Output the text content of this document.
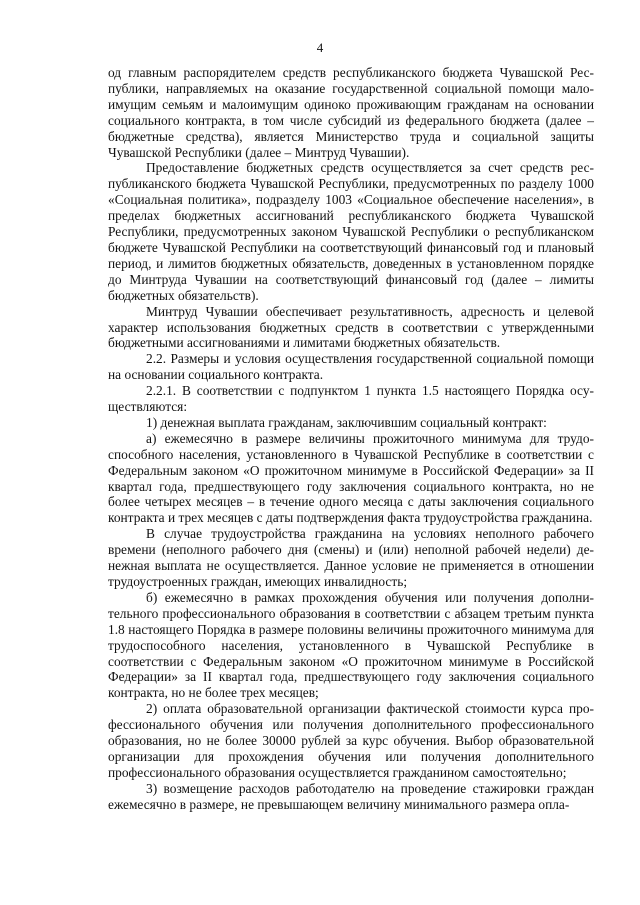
4

од главным распорядителем средств республиканского бюджета Чувашской Республики, направляемых на оказание государственной социальной помощи малоимущим семьям и малоимущим одиноко проживающим гражданам на основании социального контракта, в том числе субсидий из федерального бюджета (далее – бюджетные средства), является Министерство труда и социальной защиты Чувашской Республики (далее – Минтруд Чувашии).

Предоставление бюджетных средств осуществляется за счет средств республиканского бюджета Чувашской Республики, предусмотренных по разделу 1000 «Социальная политика», подразделу 1003 «Социальное обеспечение населения», в пределах бюджетных ассигнований республиканского бюджета Чувашской Республики, предусмотренных законом Чувашской Республики о республиканском бюджете Чувашской Республики на соответствующий финансовый год и плановый период, и лимитов бюджетных обязательств, доведенных в установленном порядке до Минтруда Чувашии на соответствующий финансовый год (далее – лимиты бюджетных обязательств).

Минтруд Чувашии обеспечивает результативность, адресность и целевой характер использования бюджетных средств в соответствии с утвержденными бюджетными ассигнованиями и лимитами бюджетных обязательств.

2.2. Размеры и условия осуществления государственной социальной помощи на основании социального контракта.

2.2.1. В соответствии с подпунктом 1 пункта 1.5 настоящего Порядка осуществляются:

1) денежная выплата гражданам, заключившим социальный контракт:

а) ежемесячно в размере величины прожиточного минимума для трудоспособного населения, установленного в Чувашской Республике в соответствии с Федеральным законом «О прожиточном минимуме в Российской Федерации» за II квартал года, предшествующего году заключения социального контракта, но не более четырех месяцев – в течение одного месяца с даты заключения социального контракта и трех месяцев с даты подтверждения факта трудоустройства гражданина.

В случае трудоустройства гражданина на условиях неполного рабочего времени (неполного рабочего дня (смены) и (или) неполной рабочей недели) денежная выплата не осуществляется. Данное условие не применяется в отношении трудоустроенных граждан, имеющих инвалидность;

б) ежемесячно в рамках прохождения обучения или получения дополнительного профессионального образования в соответствии с абзацем третьим пункта 1.8 настоящего Порядка в размере половины величины прожиточного минимума для трудоспособного населения, установленного в Чувашской Республике в соответствии с Федеральным законом «О прожиточном минимуме в Российской Федерации» за II квартал года, предшествующего году заключения социального контракта, но не более трех месяцев;

2) оплата образовательной организации фактической стоимости курса профессионального обучения или получения дополнительного профессионального образования, но не более 30000 рублей за курс обучения. Выбор образовательной организации для прохождения обучения или получения дополнительного профессионального образования осуществляется гражданином самостоятельно;

3) возмещение расходов работодателю на проведение стажировки граждан ежемесячно в размере, не превышающем величину минимального размера опла-
